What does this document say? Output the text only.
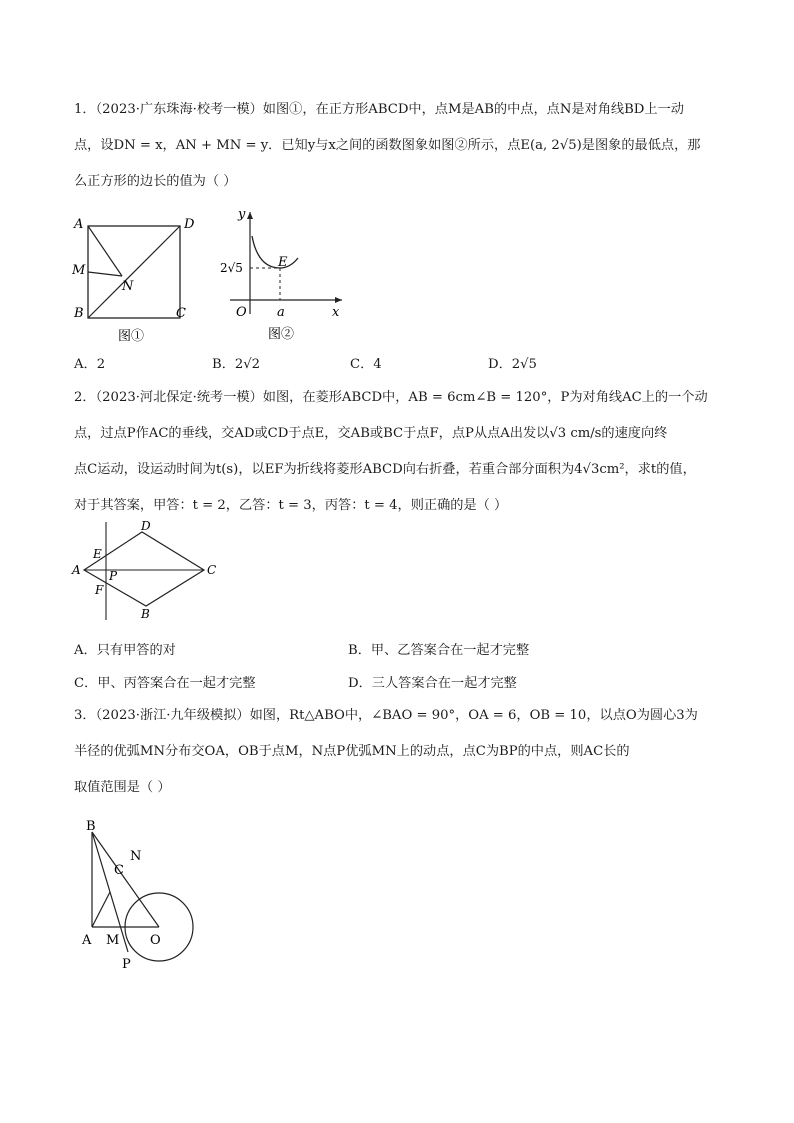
1．（2023·广东珠海·校考一模）如图①，在正方形ABCD中，点M是AB的中点，点N是对角线BD上一动
点，设DN = x，AN + MN = y．已知y与x之间的函数图象如图②所示，点E(a, 2√5)是图象的最低点，那
么正方形的边长的值为（ ）
A	D
M
N
B	C
图①
y
x
O
E
a
2√5
图②
A．2	B．2√2	C．4	D．2√5
2．（2023·河北保定·统考一模）如图，在菱形ABCD中，AB = 6cm∠B = 120°，P为对角线AC上的一个动
点，过点P作AC的垂线，交AD或CD于点E，交AB或BC于点F，点P从点A出发以√3 cm/s的速度向终
点C运动，设运动时间为t(s)，以EF为折线将菱形ABCD向右折叠，若重合部分面积为4√3cm²，求t的值，
对于其答案，甲答：t = 2，乙答：t = 3，丙答：t = 4，则正确的是（ ）
A
D
C
B
E
F
P
A．只有甲答的对	B．甲、乙答案合在一起才完整
C．甲、丙答案合在一起才完整	D．三人答案合在一起才完整
3．（2023·浙江·九年级模拟）如图，Rt△ABO中，∠BAO = 90°，OA = 6，OB = 10，以点O为圆心3为
半径的优弧MN分布交OA，OB于点M，N点P优弧MN上的动点，点C为BP的中点，则AC长的
取值范围是（ ）
B
C
N
A M O
P
